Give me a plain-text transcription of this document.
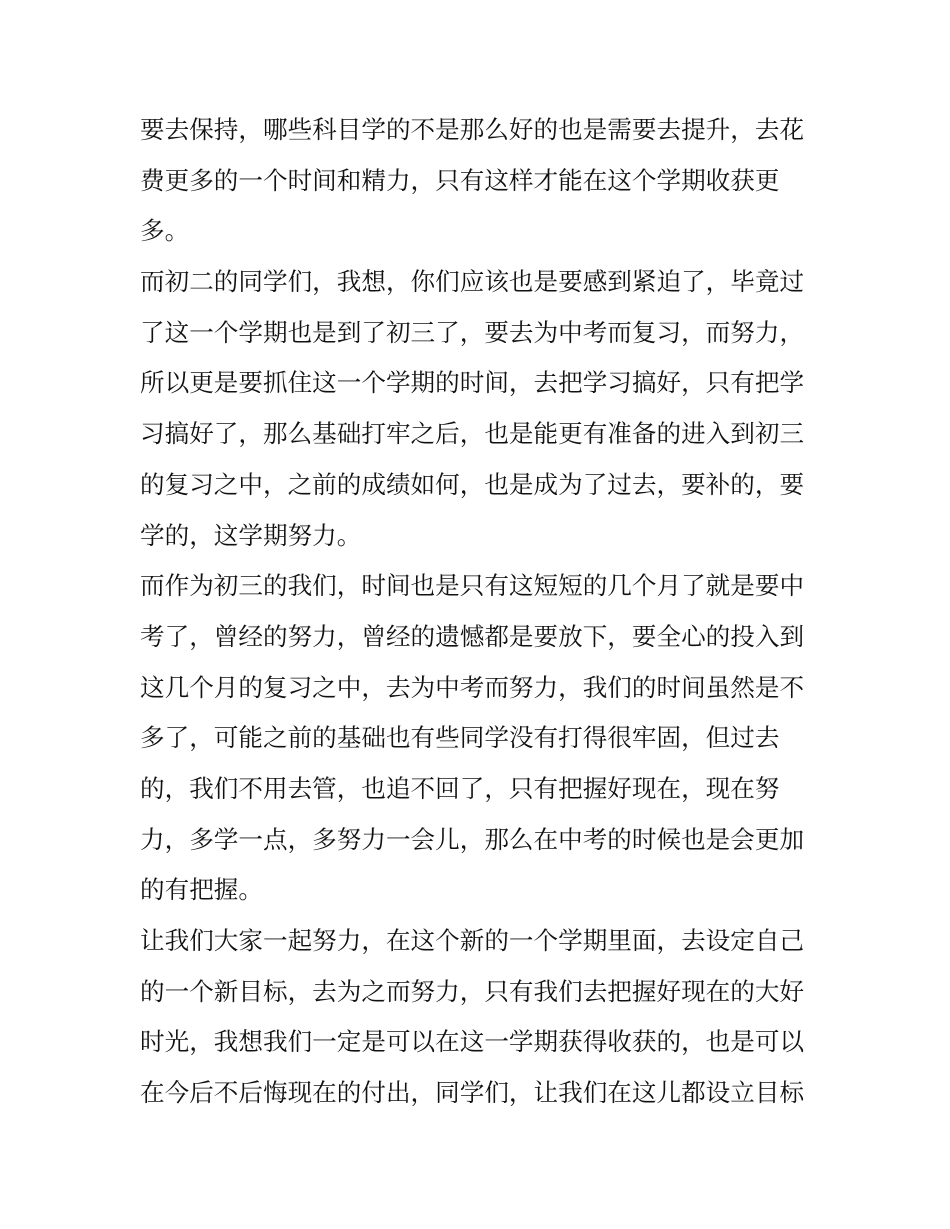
要去保持，哪些科目学的不是那么好的也是需要去提升，去花
费更多的一个时间和精力，只有这样才能在这个学期收获更
多。
而初二的同学们，我想，你们应该也是要感到紧迫了，毕竟过
了这一个学期也是到了初三了，要去为中考而复习，而努力，
所以更是要抓住这一个学期的时间，去把学习搞好，只有把学
习搞好了，那么基础打牢之后，也是能更有准备的进入到初三
的复习之中，之前的成绩如何，也是成为了过去，要补的，要
学的，这学期努力。
而作为初三的我们，时间也是只有这短短的几个月了就是要中
考了，曾经的努力，曾经的遗憾都是要放下，要全心的投入到
这几个月的复习之中，去为中考而努力，我们的时间虽然是不
多了，可能之前的基础也有些同学没有打得很牢固，但过去
的，我们不用去管，也追不回了，只有把握好现在，现在努
力，多学一点，多努力一会儿，那么在中考的时候也是会更加
的有把握。
让我们大家一起努力，在这个新的一个学期里面，去设定自己
的一个新目标，去为之而努力，只有我们去把握好现在的大好
时光，我想我们一定是可以在这一学期获得收获的，也是可以
在今后不后悔现在的付出，同学们，让我们在这儿都设立目标
